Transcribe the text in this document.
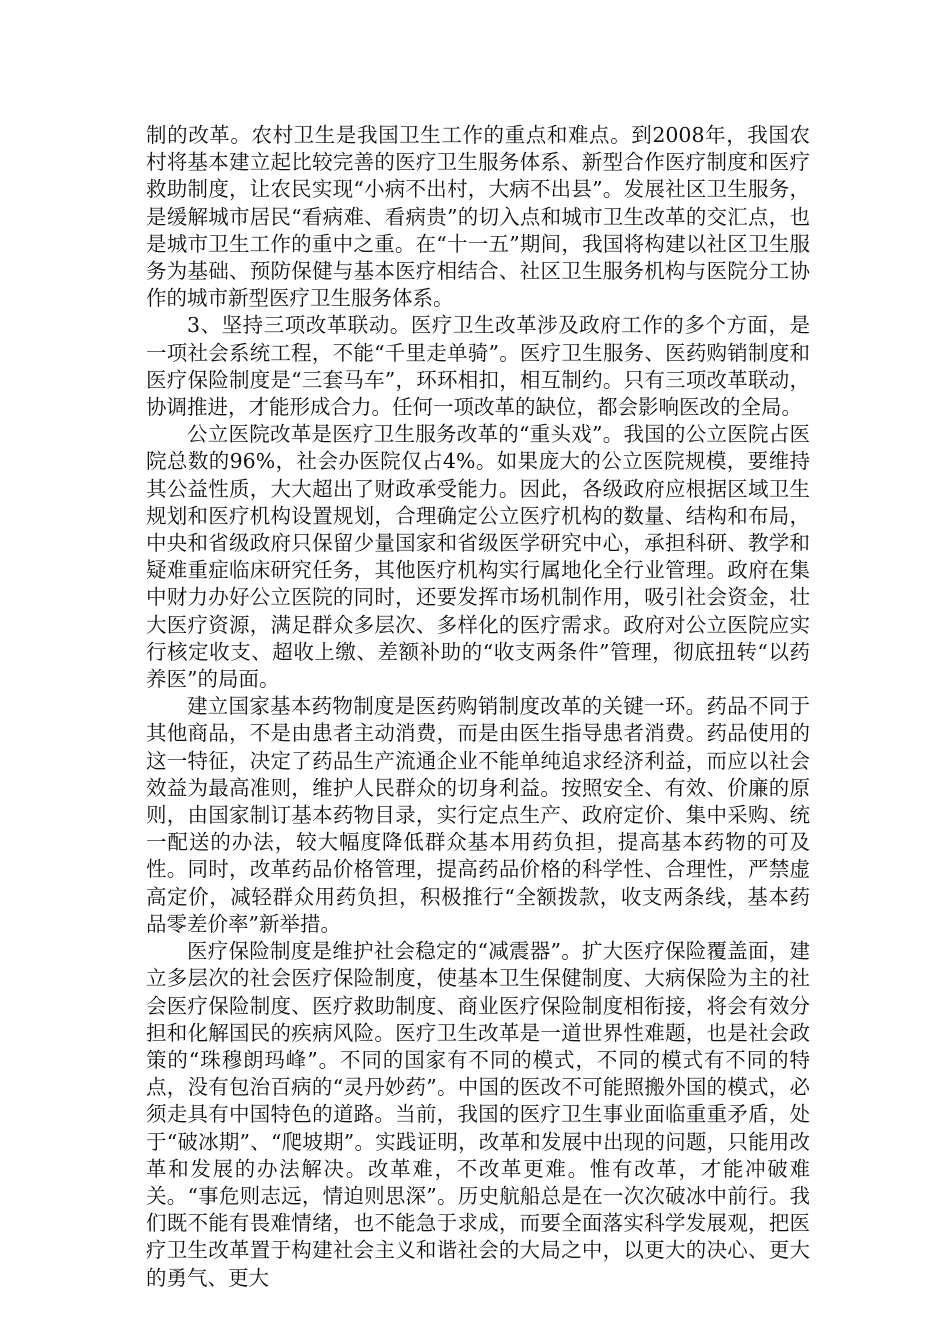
制的改革。农村卫生是我国卫生工作的重点和难点。到2008年，我国农村将基本建立起比较完善的医疗卫生服务体系、新型合作医疗制度和医疗救助制度，让农民实现“小病不出村，大病不出县”。发展社区卫生服务，是缓解城市居民“看病难、看病贵”的切入点和城市卫生改革的交汇点，也是城市卫生工作的重中之重。在“十一五”期间，我国将构建以社区卫生服务为基础、预防保健与基本医疗相结合、社区卫生服务机构与医院分工协作的城市新型医疗卫生服务体系。

3、坚持三项改革联动。医疗卫生改革涉及政府工作的多个方面，是一项社会系统工程，不能“千里走单骑”。医疗卫生服务、医药购销制度和医疗保险制度是“三套马车”，环环相扣，相互制约。只有三项改革联动，协调推进，才能形成合力。任何一项改革的缺位，都会影响医改的全局。

公立医院改革是医疗卫生服务改革的“重头戏”。我国的公立医院占医院总数的96%，社会办医院仅占4%。如果庞大的公立医院规模，要维持其公益性质，大大超出了财政承受能力。因此，各级政府应根据区域卫生规划和医疗机构设置规划，合理确定公立医疗机构的数量、结构和布局，中央和省级政府只保留少量国家和省级医学研究中心，承担科研、教学和疑难重症临床研究任务，其他医疗机构实行属地化全行业管理。政府在集中财力办好公立医院的同时，还要发挥市场机制作用，吸引社会资金，壮大医疗资源，满足群众多层次、多样化的医疗需求。政府对公立医院应实行核定收支、超收上缴、差额补助的“收支两条件”管理，彻底扭转“以药养医”的局面。

建立国家基本药物制度是医药购销制度改革的关键一环。药品不同于其他商品，不是由患者主动消费，而是由医生指导患者消费。药品使用的这一特征，决定了药品生产流通企业不能单纯追求经济利益，而应以社会效益为最高准则，维护人民群众的切身利益。按照安全、有效、价廉的原则，由国家制订基本药物目录，实行定点生产、政府定价、集中采购、统一配送的办法，较大幅度降低群众基本用药负担，提高基本药物的可及性。同时，改革药品价格管理，提高药品价格的科学性、合理性，严禁虚高定价，减轻群众用药负担，积极推行“全额拨款，收支两条线，基本药品零差价率”新举措。

医疗保险制度是维护社会稳定的“减震器”。扩大医疗保险覆盖面，建立多层次的社会医疗保险制度，使基本卫生保健制度、大病保险为主的社会医疗保险制度、医疗救助制度、商业医疗保险制度相衔接，将会有效分担和化解国民的疾病风险。医疗卫生改革是一道世界性难题，也是社会政策的“珠穆朗玛峰”。不同的国家有不同的模式，不同的模式有不同的特点，没有包治百病的“灵丹妙药”。中国的医改不可能照搬外国的模式，必须走具有中国特色的道路。当前，我国的医疗卫生事业面临重重矛盾，处于“破冰期”、“爬坡期”。实践证明，改革和发展中出现的问题，只能用改革和发展的办法解决。改革难，不改革更难。惟有改革，才能冲破难关。“事危则志远，情迫则思深”。历史航船总是在一次次破冰中前行。我们既不能有畏难情绪，也不能急于求成，而要全面落实科学发展观，把医疗卫生改革置于构建社会主义和谐社会的大局之中，以更大的决心、更大的勇气、更大
